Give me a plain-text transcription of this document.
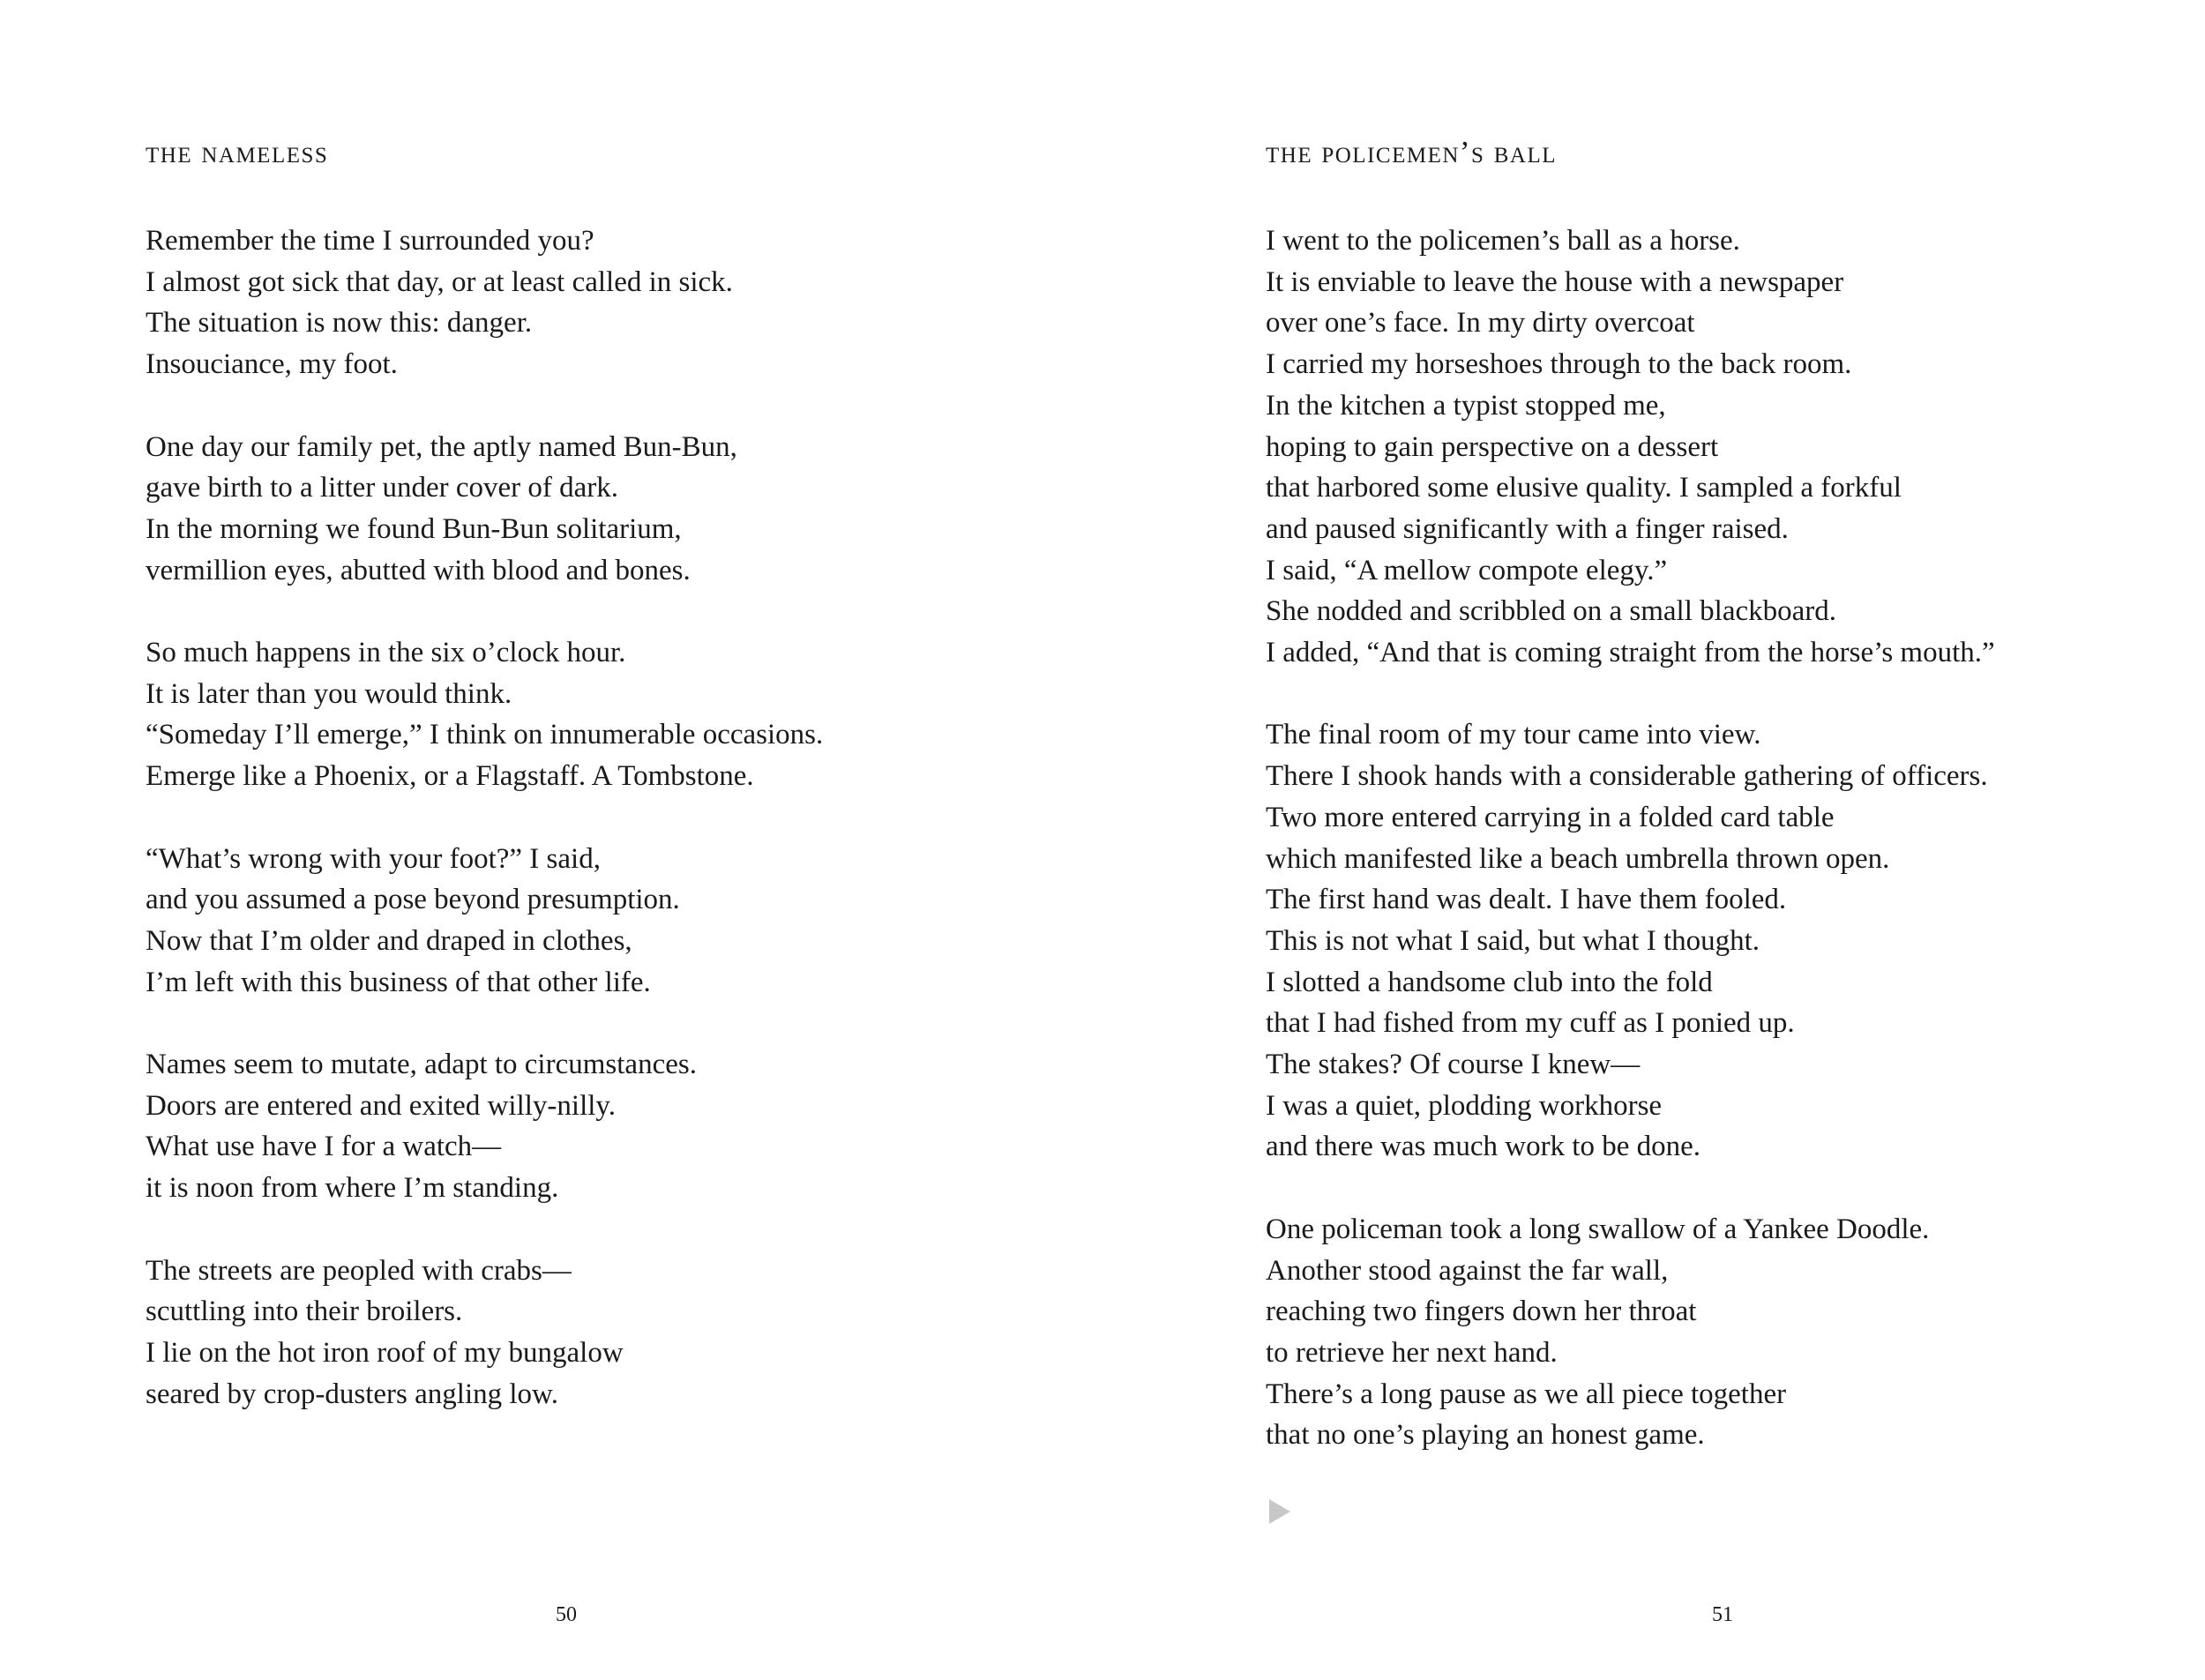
the nameless

Remember the time I surrounded you?
I almost got sick that day, or at least called in sick.
The situation is now this: danger.
Insouciance, my foot.

One day our family pet, the aptly named Bun-Bun,
gave birth to a litter under cover of dark.
In the morning we found Bun-Bun solitarium,
vermillion eyes, abutted with blood and bones.

So much happens in the six o’clock hour.
It is later than you would think.
“Someday I’ll emerge,” I think on innumerable occasions.
Emerge like a Phoenix, or a Flagstaff. A Tombstone.

“What’s wrong with your foot?” I said,
and you assumed a pose beyond presumption.
Now that I’m older and draped in clothes,
I’m left with this business of that other life.

Names seem to mutate, adapt to circumstances.
Doors are entered and exited willy-nilly.
What use have I for a watch—
it is noon from where I’m standing.

The streets are peopled with crabs—
scuttling into their broilers.
I lie on the hot iron roof of my bungalow
seared by crop-dusters angling low.

50
the policemen’s ball

I went to the policemen’s ball as a horse.
It is enviable to leave the house with a newspaper
over one’s face. In my dirty overcoat
I carried my horseshoes through to the back room.
In the kitchen a typist stopped me,
hoping to gain perspective on a dessert
that harbored some elusive quality. I sampled a forkful
and paused significantly with a finger raised.
I said, “A mellow compote elegy.”
She nodded and scribbled on a small blackboard.
I added, “And that is coming straight from the horse’s mouth.”

The final room of my tour came into view.
There I shook hands with a considerable gathering of officers.
Two more entered carrying in a folded card table
which manifested like a beach umbrella thrown open.
The first hand was dealt. I have them fooled.
This is not what I said, but what I thought.
I slotted a handsome club into the fold
that I had fished from my cuff as I ponied up.
The stakes? Of course I knew—
I was a quiet, plodding workhorse
and there was much work to be done.

One policeman took a long swallow of a Yankee Doodle.
Another stood against the far wall,
reaching two fingers down her throat
to retrieve her next hand.
There’s a long pause as we all piece together
that no one’s playing an honest game.

51
